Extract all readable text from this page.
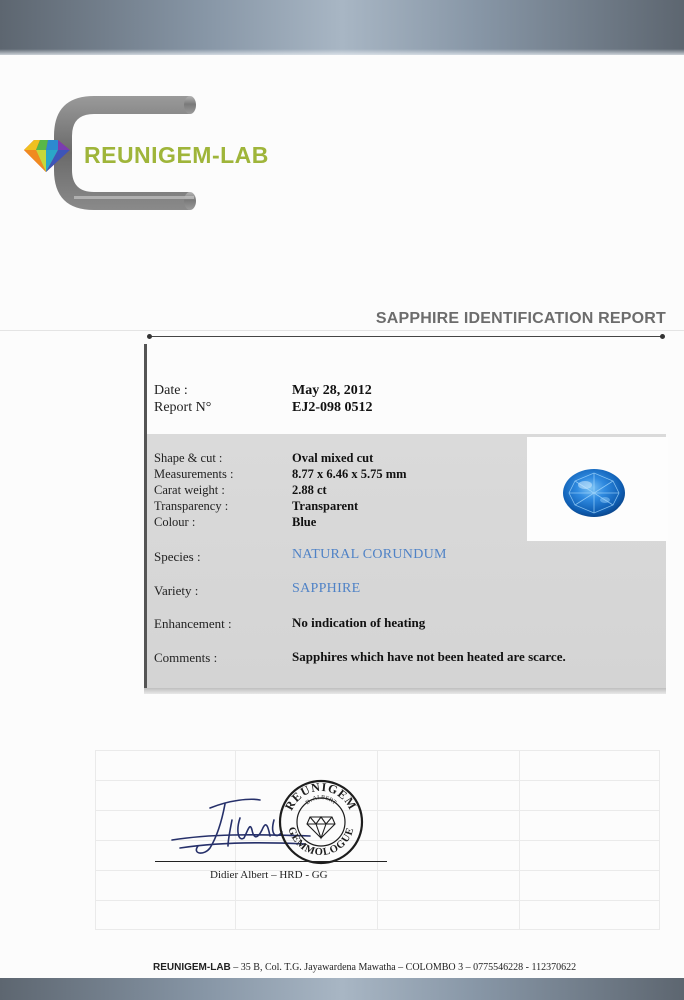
REUNIGEM-LAB
SAPPHIRE IDENTIFICATION REPORT
Date :	May 28, 2012
Report N°	EJ2-098 0512
Shape & cut :	Oval mixed cut
Measurements :	8.77 x 6.46 x 5.75 mm
Carat weight :	2.88 ct
Transparency :	Transparent
Colour :	Blue
Species :	NATURAL CORUNDUM
Variety :	SAPPHIRE
Enhancement :	No indication of heating
Comments :	Sapphires which have not been heated are scarce.
REUNIGEM
D. ALBERT
GEMMOLOGUE
Didier Albert – HRD - GG
REUNIGEM-LAB – 35 B, Col. T.G. Jayawardena Mawatha – COLOMBO 3 – 0775546228 - 112370622
